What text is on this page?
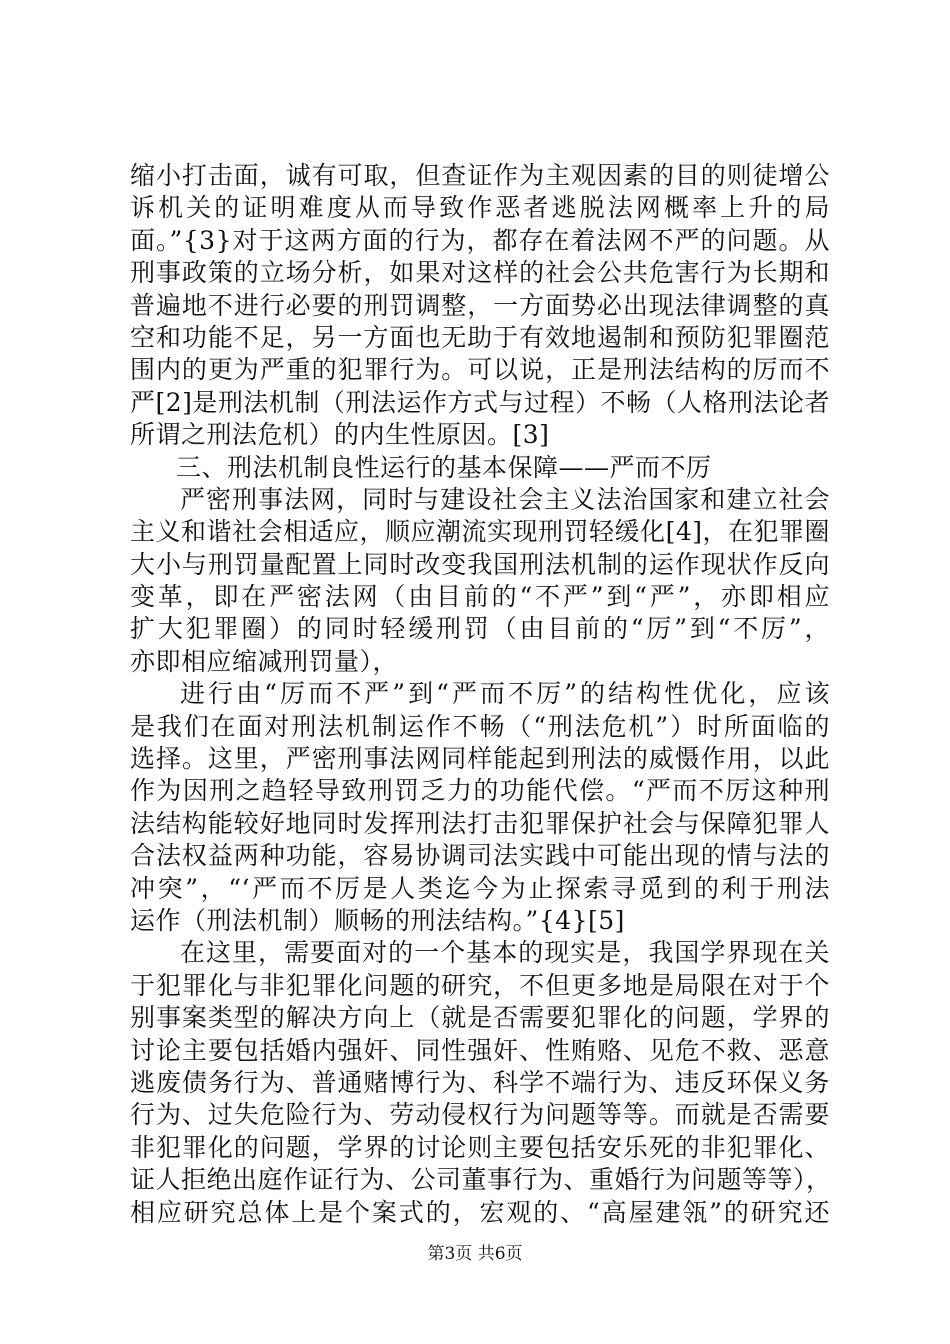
缩小打击面，诚有可取，但查证作为主观因素的目的则徒增公
诉机关的证明难度从而导致作恶者逃脱法网概率上升的局
面。”{3}对于这两方面的行为，都存在着法网不严的问题。从
刑事政策的立场分析，如果对这样的社会公共危害行为长期和
普遍地不进行必要的刑罚调整，一方面势必出现法律调整的真
空和功能不足，另一方面也无助于有效地遏制和预防犯罪圈范
围内的更为严重的犯罪行为。可以说，正是刑法结构的厉而不
严[2]是刑法机制（刑法运作方式与过程）不畅（人格刑法论者
所谓之刑法危机）的内生性原因。[3]
三、刑法机制良性运行的基本保障——严而不厉
严密刑事法网，同时与建设社会主义法治国家和建立社会
主义和谐社会相适应，顺应潮流实现刑罚轻缓化[4]，在犯罪圈
大小与刑罚量配置上同时改变我国刑法机制的运作现状作反向
变革，即在严密法网（由目前的“不严”到“严”，亦即相应
扩大犯罪圈）的同时轻缓刑罚（由目前的“厉”到“不厉”，
亦即相应缩减刑罚量），
进行由“厉而不严”到“严而不厉”的结构性优化，应该
是我们在面对刑法机制运作不畅（“刑法危机”）时所面临的
选择。这里，严密刑事法网同样能起到刑法的威慑作用，以此
作为因刑之趋轻导致刑罚乏力的功能代偿。“严而不厉这种刑
法结构能较好地同时发挥刑法打击犯罪保护社会与保障犯罪人
合法权益两种功能，容易协调司法实践中可能出现的情与法的
冲突”，“‘严而不厉是人类迄今为止探索寻觅到的利于刑法
运作（刑法机制）顺畅的刑法结构。”{4}[5]
在这里，需要面对的一个基本的现实是，我国学界现在关
于犯罪化与非犯罪化问题的研究，不但更多地是局限在对于个
别事案类型的解决方向上（就是否需要犯罪化的问题，学界的
讨论主要包括婚内强奸、同性强奸、性贿赂、见危不救、恶意
逃废债务行为、普通赌博行为、科学不端行为、违反环保义务
行为、过失危险行为、劳动侵权行为问题等等。而就是否需要
非犯罪化的问题，学界的讨论则主要包括安乐死的非犯罪化、
证人拒绝出庭作证行为、公司董事行为、重婚行为问题等等），
相应研究总体上是个案式的，宏观的、“高屋建瓴”的研究还
第3页 共6页
